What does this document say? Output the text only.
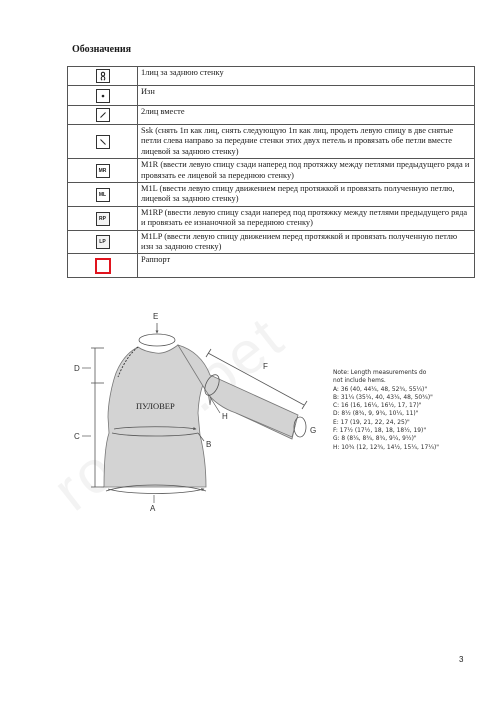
Обозначения
	1лиц за заднюю стенку

	Изн

	2лиц вместе

	Ssk (снять 1п как лиц, снять следующую 1п как лиц, продеть левую спицу в две снятые петли слева направо за передние стенки этих двух петель и провязать обе петли вместе лицевой за заднюю стенку)
MR	M1R (ввести левую спицу сзади наперед под протяжку между петлями предыдущего ряда и провязать ее лицевой за переднюю стенку)
ML	M1L (ввести левую спицу движением перед протяжкой и провязать полученную петлю, лицевой за заднюю стенку)
RP	M1RP (ввести левую спицу сзади наперед под протяжку между петлями предыдущего ряда и провязать ее изнаночной за переднюю стенку)
LP	M1LP (ввести левую спицу движением перед протяжкой и провязать полученную петлю изн за заднюю стенку)
	Раппорт
E
D
C
ПУЛОВЕР
B
A
H
F
G
Note: Length measurements do
not include hems.
A: 36 (40, 44¼, 48, 52¾, 55¼)"
B: 31¼ (35¼, 40, 43¼, 48, 50¾)"
C: 16 (16, 16¼, 16½, 17, 17)"
D: 8½ (8¾, 9, 9¾, 10¼, 11)"
E: 17 (19, 21, 22, 24, 25)"
F: 17½ (17½, 18, 18, 18½, 19)"
G: 8 (8¼, 8¾, 8¾, 9¼, 9½)"
H: 10¾ (12, 12¾, 14½, 15¼, 17¼)"
3
